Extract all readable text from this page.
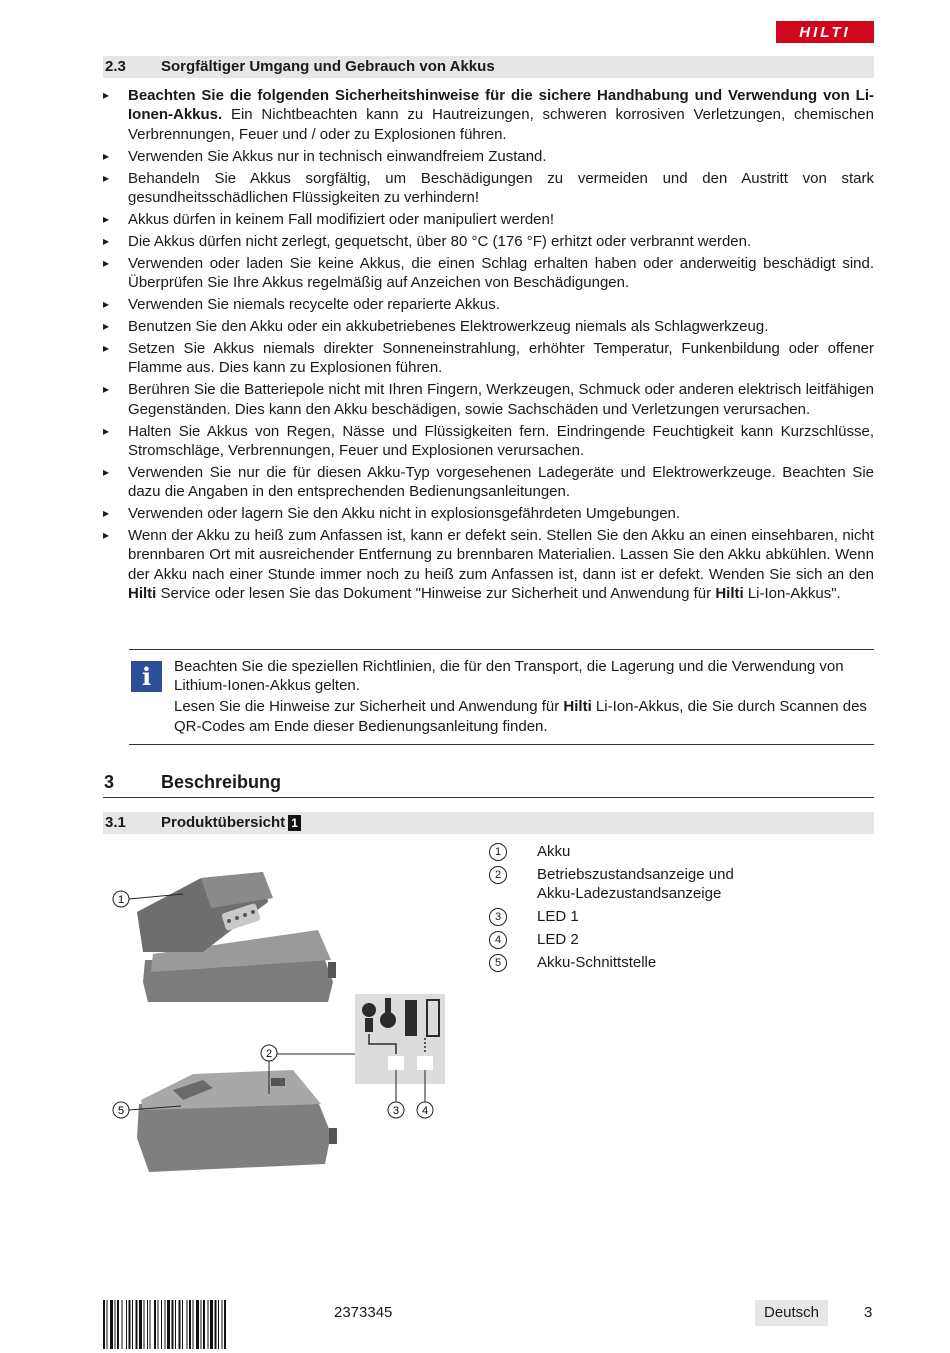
HILTI
2.3 Sorgfältiger Umgang und Gebrauch von Akkus
▸ Beachten Sie die folgenden Sicherheitshinweise für die sichere Handhabung und Verwendung von Li-Ionen-Akkus. Ein Nichtbeachten kann zu Hautreizungen, schweren korrosiven Verletzungen, chemischen Verbrennungen, Feuer und / oder zu Explosionen führen.
▸ Verwenden Sie Akkus nur in technisch einwandfreiem Zustand.
▸ Behandeln Sie Akkus sorgfältig, um Beschädigungen zu vermeiden und den Austritt von stark gesundheitsschädlichen Flüssigkeiten zu verhindern!
▸ Akkus dürfen in keinem Fall modifiziert oder manipuliert werden!
▸ Die Akkus dürfen nicht zerlegt, gequetscht, über 80 °C (176 °F) erhitzt oder verbrannt werden.
▸ Verwenden oder laden Sie keine Akkus, die einen Schlag erhalten haben oder anderweitig beschädigt sind. Überprüfen Sie Ihre Akkus regelmäßig auf Anzeichen von Beschädigungen.
▸ Verwenden Sie niemals recycelte oder reparierte Akkus.
▸ Benutzen Sie den Akku oder ein akkubetriebenes Elektrowerkzeug niemals als Schlagwerkzeug.
▸ Setzen Sie Akkus niemals direkter Sonneneinstrahlung, erhöhter Temperatur, Funkenbildung oder offener Flamme aus. Dies kann zu Explosionen führen.
▸ Berühren Sie die Batteriepole nicht mit Ihren Fingern, Werkzeugen, Schmuck oder anderen elektrisch leitfähigen Gegenständen. Dies kann den Akku beschädigen, sowie Sachschäden und Verletzungen verursachen.
▸ Halten Sie Akkus von Regen, Nässe und Flüssigkeiten fern. Eindringende Feuchtigkeit kann Kurzschlüsse, Stromschläge, Verbrennungen, Feuer und Explosionen verursachen.
▸ Verwenden Sie nur die für diesen Akku-Typ vorgesehenen Ladegeräte und Elektrowerkzeuge. Beachten Sie dazu die Angaben in den entsprechenden Bedienungsanleitungen.
▸ Verwenden oder lagern Sie den Akku nicht in explosionsgefährdeten Umgebungen.
▸ Wenn der Akku zu heiß zum Anfassen ist, kann er defekt sein. Stellen Sie den Akku an einen einsehbaren, nicht brennbaren Ort mit ausreichender Entfernung zu brennbaren Materialien. Lassen Sie den Akku abkühlen. Wenn der Akku nach einer Stunde immer noch zu heiß zum Anfassen ist, dann ist er defekt. Wenden Sie sich an den Hilti Service oder lesen Sie das Dokument "Hinweise zur Sicherheit und Anwendung für Hilti Li-Ion-Akkus".
i	Beachten Sie die speziellen Richtlinien, die für den Transport, die Lagerung und die Verwendung von Lithium-Ionen-Akkus gelten.

Lesen Sie die Hinweise zur Sicherheit und Anwendung für Hilti Li-Ion-Akkus, die Sie durch Scannen des QR-Codes am Ende dieser Bedienungsanleitung finden.

3	Beschreibung
3.1 Produktübersicht 1
1
2
3 4
5
1	Akku
2	Betriebszustandsanzeige und Akku-Ladezustandsanzeige
3	LED 1
4	LED 2
5	Akku-Schnittstelle
2373345	Deutsch	3
